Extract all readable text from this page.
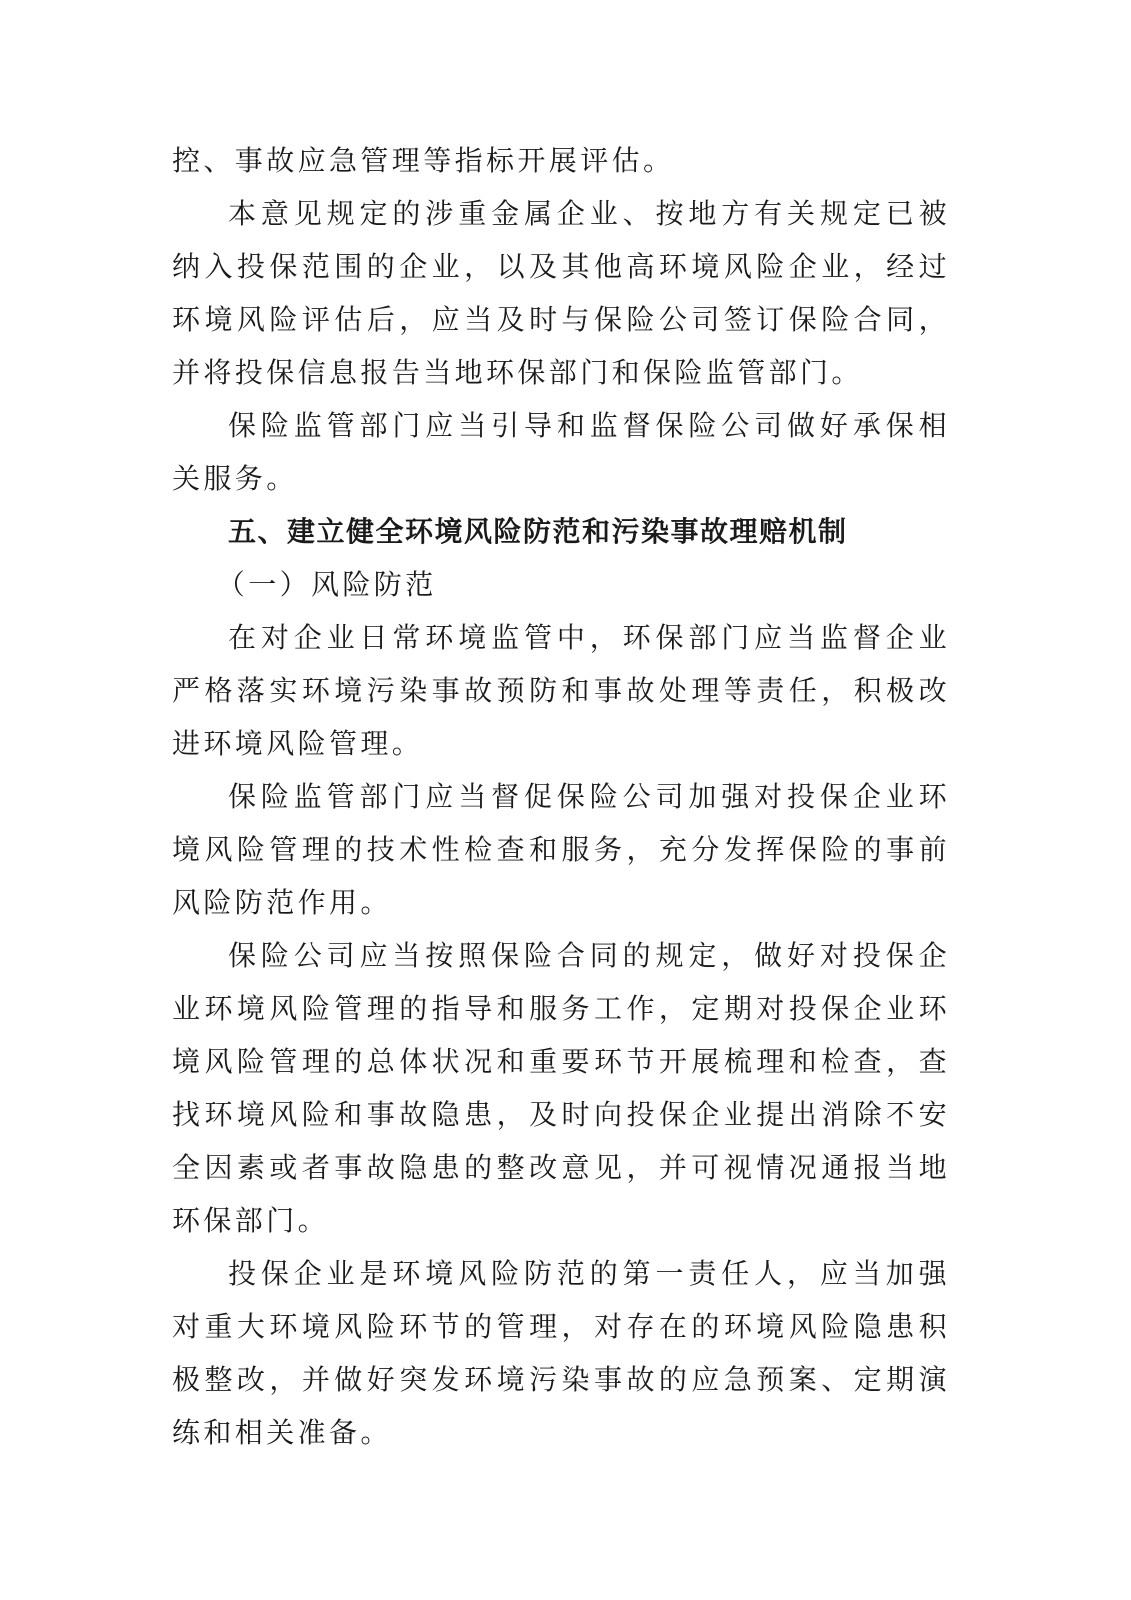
控、事故应急管理等指标开展评估。

本意见规定的涉重金属企业、按地方有关规定已被纳入投保范围的企业，以及其他高环境风险企业，经过环境风险评估后，应当及时与保险公司签订保险合同，并将投保信息报告当地环保部门和保险监管部门。

保险监管部门应当引导和监督保险公司做好承保相关服务。

五、建立健全环境风险防范和污染事故理赔机制

（一）风险防范

在对企业日常环境监管中，环保部门应当监督企业严格落实环境污染事故预防和事故处理等责任，积极改进环境风险管理。

保险监管部门应当督促保险公司加强对投保企业环境风险管理的技术性检查和服务，充分发挥保险的事前风险防范作用。

保险公司应当按照保险合同的规定，做好对投保企业环境风险管理的指导和服务工作，定期对投保企业环境风险管理的总体状况和重要环节开展梳理和检查，查找环境风险和事故隐患，及时向投保企业提出消除不安全因素或者事故隐患的整改意见，并可视情况通报当地环保部门。

投保企业是环境风险防范的第一责任人，应当加强对重大环境风险环节的管理，对存在的环境风险隐患积极整改，并做好突发环境污染事故的应急预案、定期演练和相关准备。
